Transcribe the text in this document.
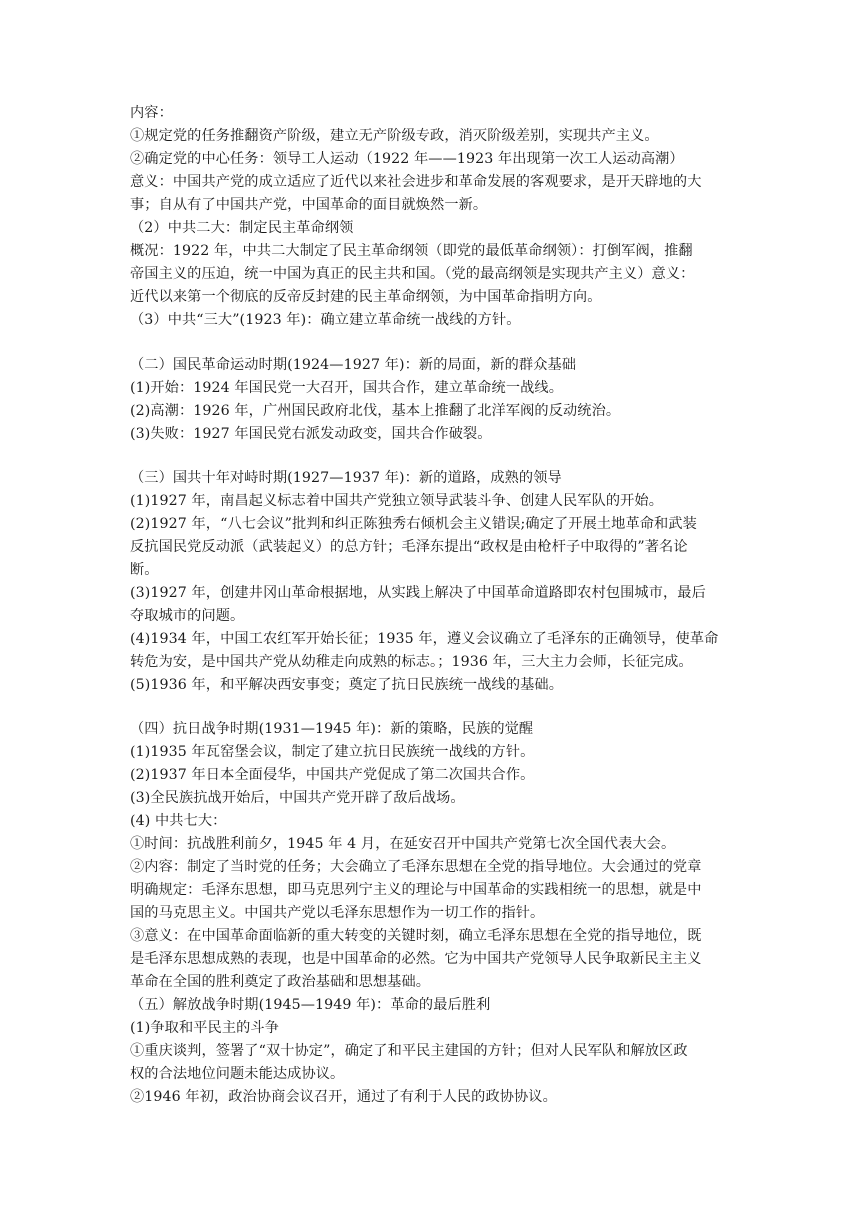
内容：
①规定党的任务推翻资产阶级，建立无产阶级专政，消灭阶级差别，实现共产主义。
②确定党的中心任务：领导工人运动（1922 年——1923 年出现第一次工人运动高潮）
意义：中国共产党的成立适应了近代以来社会进步和革命发展的客观要求，是开天辟地的大
事；自从有了中国共产党，中国革命的面目就焕然一新。
（2）中共二大：制定民主革命纲领
概况：1922 年，中共二大制定了民主革命纲领（即党的最低革命纲领）：打倒军阀，推翻
帝国主义的压迫，统一中国为真正的民主共和国。（党的最高纲领是实现共产主义）意义：
近代以来第一个彻底的反帝反封建的民主革命纲领，为中国革命指明方向。
（3）中共“三大”(1923 年)：确立建立革命统一战线的方针。
（二）国民革命运动时期(1924—1927 年)：新的局面，新的群众基础
(1)开始：1924 年国民党一大召开，国共合作，建立革命统一战线。
(2)高潮：1926 年，广州国民政府北伐，基本上推翻了北洋军阀的反动统治。
(3)失败：1927 年国民党右派发动政变，国共合作破裂。
（三）国共十年对峙时期(1927—1937 年)：新的道路，成熟的领导
(1)1927 年，南昌起义标志着中国共产党独立领导武装斗争、创建人民军队的开始。
(2)1927 年，“八七会议”批判和纠正陈独秀右倾机会主义错误;确定了开展土地革命和武装
反抗国民党反动派（武装起义）的总方针；毛泽东提出“政权是由枪杆子中取得的”著名论
断。
(3)1927 年，创建井冈山革命根据地，从实践上解决了中国革命道路即农村包围城市，最后
夺取城市的问题。
(4)1934 年，中国工农红军开始长征；1935 年，遵义会议确立了毛泽东的正确领导，使革命
转危为安，是中国共产党从幼稚走向成熟的标志。；1936 年，三大主力会师，长征完成。
(5)1936 年，和平解决西安事变；奠定了抗日民族统一战线的基础。
（四）抗日战争时期(1931—1945 年)：新的策略，民族的觉醒
(1)1935 年瓦窑堡会议，制定了建立抗日民族统一战线的方针。
(2)1937 年日本全面侵华，中国共产党促成了第二次国共合作。
(3)全民族抗战开始后，中国共产党开辟了敌后战场。
(4) 中共七大：
①时间：抗战胜利前夕，1945 年 4 月，在延安召开中国共产党第七次全国代表大会。
②内容：制定了当时党的任务；大会确立了毛泽东思想在全党的指导地位。大会通过的党章
明确规定：毛泽东思想，即马克思列宁主义的理论与中国革命的实践相统一的思想，就是中
国的马克思主义。中国共产党以毛泽东思想作为一切工作的指针。
③意义：在中国革命面临新的重大转变的关键时刻，确立毛泽东思想在全党的指导地位，既
是毛泽东思想成熟的表现，也是中国革命的必然。它为中国共产党领导人民争取新民主主义
革命在全国的胜利奠定了政治基础和思想基础。
（五）解放战争时期(1945—1949 年)：革命的最后胜利
(1)争取和平民主的斗争
①重庆谈判，签署了“双十协定”，确定了和平民主建国的方针；但对人民军队和解放区政
权的合法地位问题未能达成协议。
②1946 年初，政治协商会议召开，通过了有利于人民的政协协议。
